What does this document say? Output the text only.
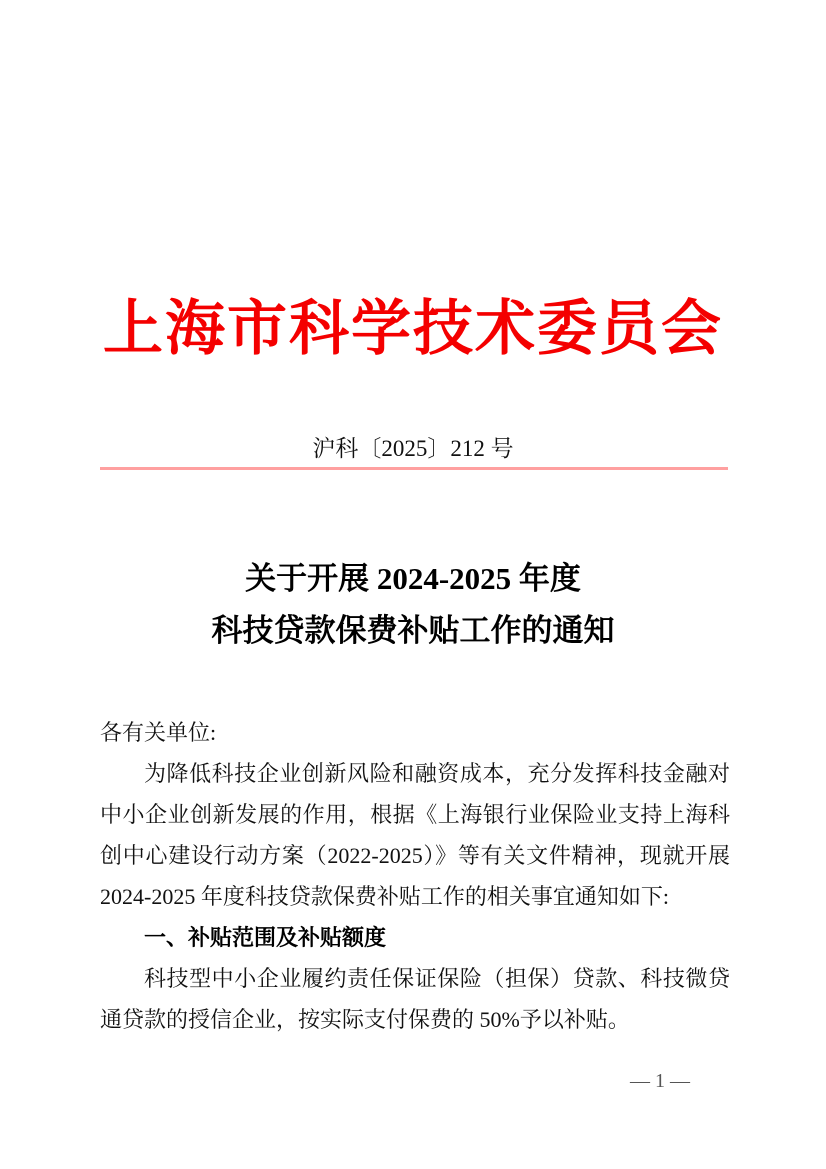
上海市科学技术委员会
沪科〔2025〕212 号
关于开展 2024-2025 年度
科技贷款保费补贴工作的通知

各有关单位:

为降低科技企业创新风险和融资成本，充分发挥科技金融对中小企业创新发展的作用，根据《上海银行业保险业支持上海科创中心建设行动方案（2022-2025）》等有关文件精神，现就开展 2024-2025 年度科技贷款保费补贴工作的相关事宜通知如下:

一、补贴范围及补贴额度

科技型中小企业履约责任保证保险（担保）贷款、科技微贷通贷款的授信企业，按实际支付保费的 50%予以补贴。

— 1 —
